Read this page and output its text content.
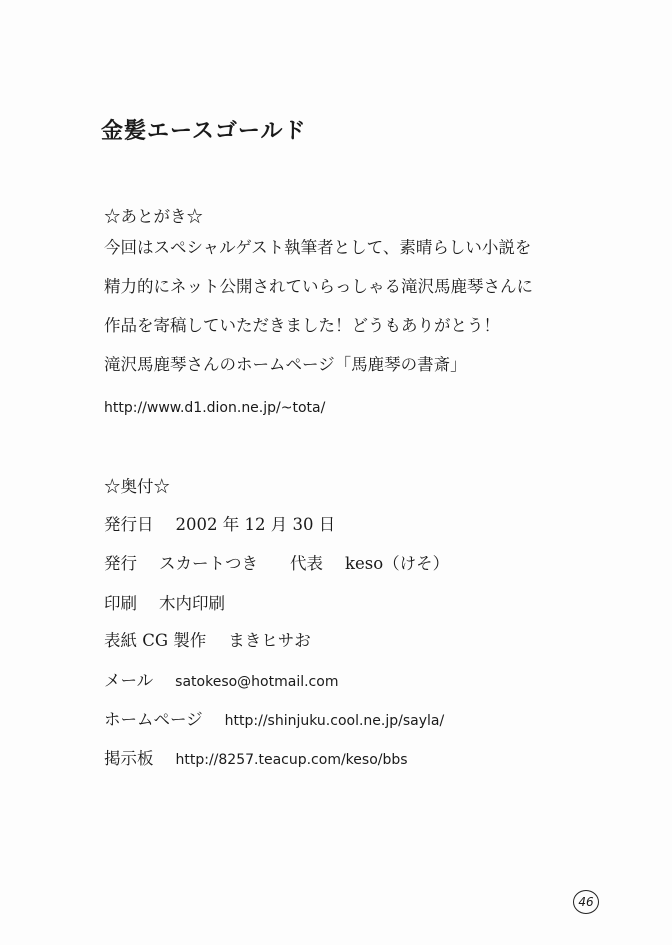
金髪エースゴールド
☆あとがき☆
今回はスペシャルゲスト執筆者として、素晴らしい小説を
精力的にネット公開されていらっしゃる滝沢馬鹿琴さんに
作品を寄稿していただきました！どうもありがとう！
滝沢馬鹿琴さんのホームページ「馬鹿琴の書斎」
http://www.d1.dion.ne.jp/~tota/
☆奥付☆
発行日 2002 年 12 月 30 日
発行 スカートつき 代表 keso（けそ）
印刷 木内印刷
表紙 CG 製作 まきヒサお
メール satokeso@hotmail.com
ホームページ http://shinjuku.cool.ne.jp/sayla/
掲示板 http://8257.teacup.com/keso/bbs
46
